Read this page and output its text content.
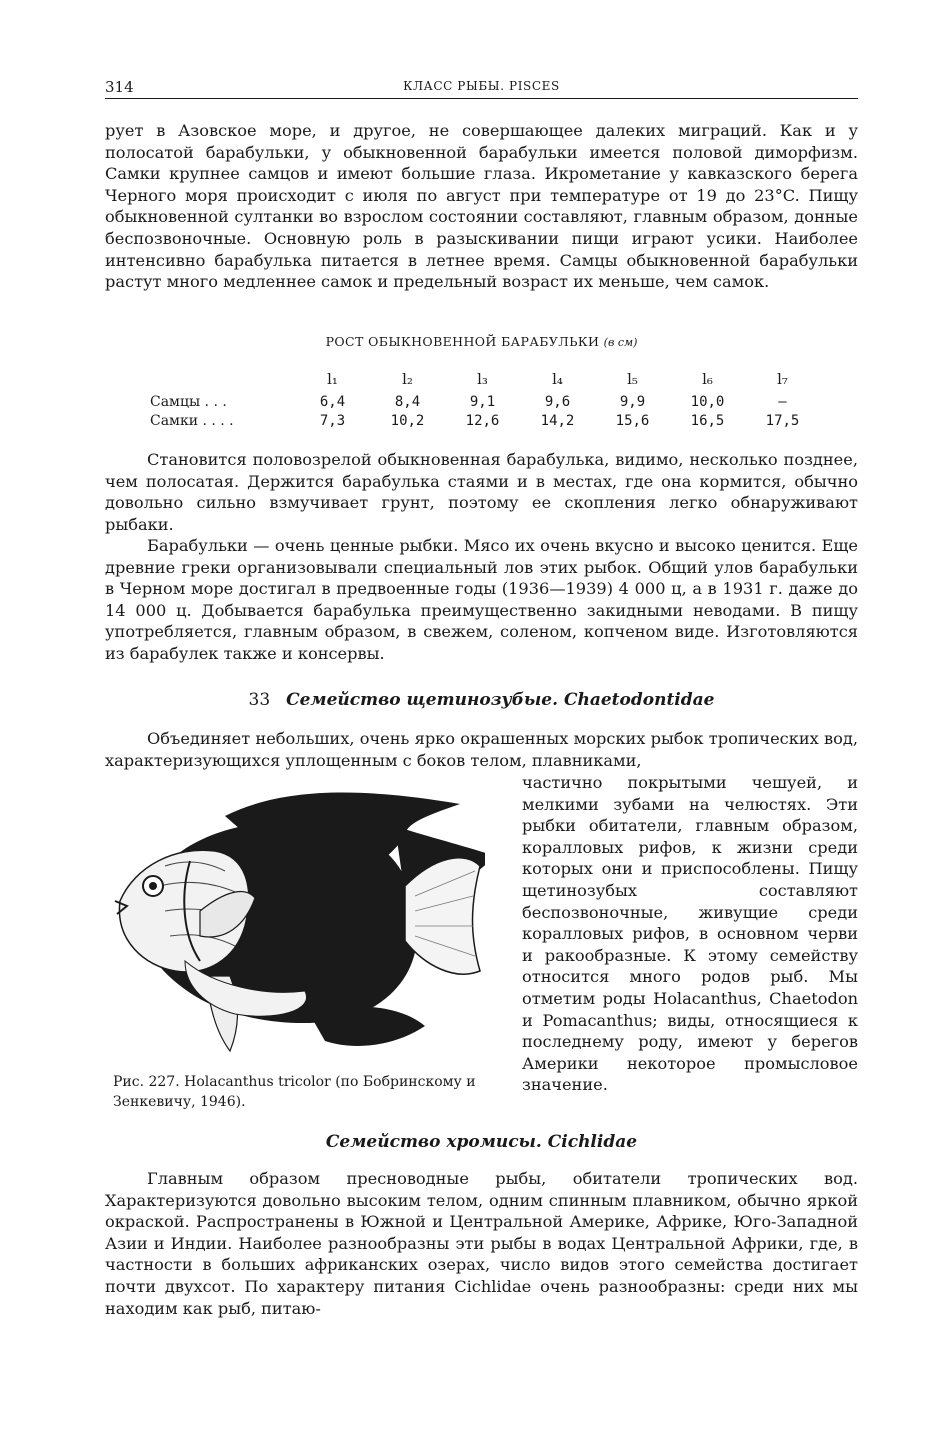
314	КЛАСС РЫБЫ. PISCES

рует в Азовское море, и другое, не совершающее далеких миграций. Как и у полосатой барабульки, у обыкновенной барабульки имеется половой диморфизм. Самки крупнее самцов и имеют большие глаза. Икрометание у кавказского берега Черного моря происходит с июля по август при температуре от 19 до 23°C. Пищу обыкновенной султанки во взрослом состоянии составляют, главным образом, донные беспозвоночные. Основную роль в разыскивании пищи играют усики. Наиболее интенсивно барабулька питается в летнее время. Самцы обыкновенной барабульки растут много медленнее самок и предельный возраст их меньше, чем самок.

РОСТ ОБЫКНОВЕННОЙ БАРАБУЛЬКИ (в см)
	l₁	l₂	l₃	l₄	l₅	l₆	l₇
Самцы . . .	6,4	8,4	9,1	9,6	9,9	10,0	—
Самки . . . .	7,3	10,2	12,6	14,2	15,6	16,5	17,5

Становится половозрелой обыкновенная барабулька, видимо, несколько позднее, чем полосатая. Держится барабулька стаями и в местах, где она кормится, обычно довольно сильно взмучивает грунт, поэтому ее скопления легко обнаруживают рыбаки.

Барабульки — очень ценные рыбки. Мясо их очень вкусно и высоко ценится. Еще древние греки организовывали специальный лов этих рыбок. Общий улов барабульки в Черном море достигал в предвоенные годы (1936—1939) 4 000 ц, а в 1931 г. даже до 14 000 ц. Добывается барабулька преимущественно закидными неводами. В пищу употребляется, главным образом, в свежем, соленом, копченом виде. Изготовляются из барабулек также и консервы.

33 Семейство щетинозубые. Chaetodontidae

Объединяет небольших, очень ярко окрашенных морских рыбок тропических вод, характеризующихся уплощенным с боков телом, плавниками,

частично покрытыми чешуей, и мелкими зубами на челюстях. Эти рыбки обитатели, главным образом, коралловых рифов, к жизни среди которых они и приспособлены. Пищу щетинозубых составляют беспозвоночные, живущие среди коралловых рифов, в основном черви и ракообразные. К этому семейству относится много родов рыб. Мы отметим роды Holacanthus, Chaetodon и Pomacanthus; виды, относящиеся к последнему роду, имеют у берегов Америки некоторое промысловое значение.

Рис. 227. Holacanthus tricolor (по Бобринскому и Зенкевичу, 1946).
Семейство хромисы. Cichlidae

Главным образом пресноводные рыбы, обитатели тропических вод. Характеризуются довольно высоким телом, одним спинным плавником, обычно яркой окраской. Распространены в Южной и Центральной Америке, Африке, Юго-Западной Азии и Индии. Наиболее разнообразны эти рыбы в водах Центральной Африки, где, в частности в больших африканских озерах, число видов этого семейства достигает почти двухсот. По характеру питания Cichlidae очень разнообразны: среди них мы находим как рыб, питаю-
